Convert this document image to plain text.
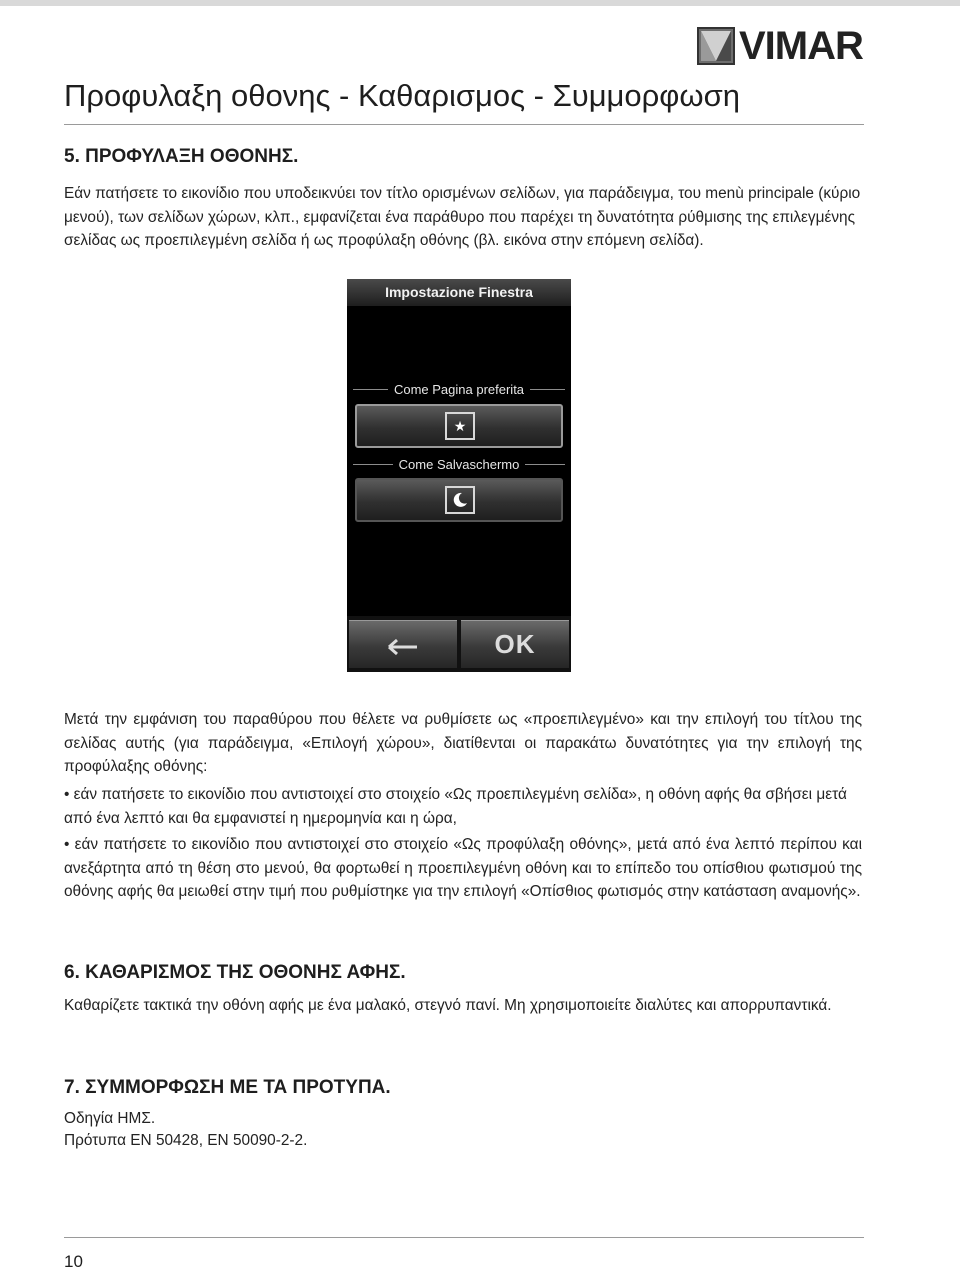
VIMAR
Προφυλαξη οθονης - Καθαρισμος - Συμμορφωση
5. ΠΡΟΦΥΛΑΞΗ ΟΘΟΝΗΣ.

Εάν πατήσετε το εικονίδιο που υποδεικνύει τον τίτλο ορισμένων σελίδων, για παράδειγμα, του menù principale (κύριο μενού), των σελίδων χώρων, κλπ., εμφανίζεται ένα παράθυρο που παρέχει τη δυνατότητα ρύθμισης της επιλεγμένης σελίδας ως προεπιλεγμένη σελίδα ή ως προφύλαξη οθόνης (βλ. εικόνα στην επόμενη σελίδα).

Impostazione Finestra
Come Pagina preferita
★
Come Salvaschermo
OK

Μετά την εμφάνιση του παραθύρου που θέλετε να ρυθμίσετε ως «προεπιλεγμένο» και την επιλογή του τίτλου της σελίδας αυτής (για παράδειγμα, «Επιλογή χώρου», διατίθενται οι παρακάτω δυνατότητες για την επιλογή της προφύλαξης οθόνης:

• εάν πατήσετε το εικονίδιο που αντιστοιχεί στο στοιχείο «Ως προεπιλεγμένη σελίδα», η οθόνη αφής θα σβήσει μετά από ένα λεπτό και θα εμφανιστεί η ημερομηνία και η ώρα,

• εάν πατήσετε το εικονίδιο που αντιστοιχεί στο στοιχείο «Ως προφύλαξη οθόνης», μετά από ένα λεπτό περίπου και ανεξάρτητα από τη θέση στο μενού, θα φορτωθεί η προεπιλεγμένη οθόνη και το επίπεδο του οπίσθιου φωτισμού της οθόνης αφής θα μειωθεί στην τιμή που ρυθμίστηκε για την επιλογή «Οπίσθιος φωτισμός στην κατάσταση αναμονής».

6. ΚΑΘΑΡΙΣΜΟΣ ΤΗΣ ΟΘΟΝΗΣ ΑΦΗΣ.

Καθαρίζετε τακτικά την οθόνη αφής με ένα μαλακό, στεγνό πανί. Μη χρησιμοποιείτε διαλύτες και απορρυπαντικά.

7. ΣΥΜΜΟΡΦΩΣΗ ΜΕ ΤΑ ΠΡΟΤΥΠΑ.

Οδηγία ΗΜΣ.

Πρότυπα EN 50428, EN 50090-2-2.

10
